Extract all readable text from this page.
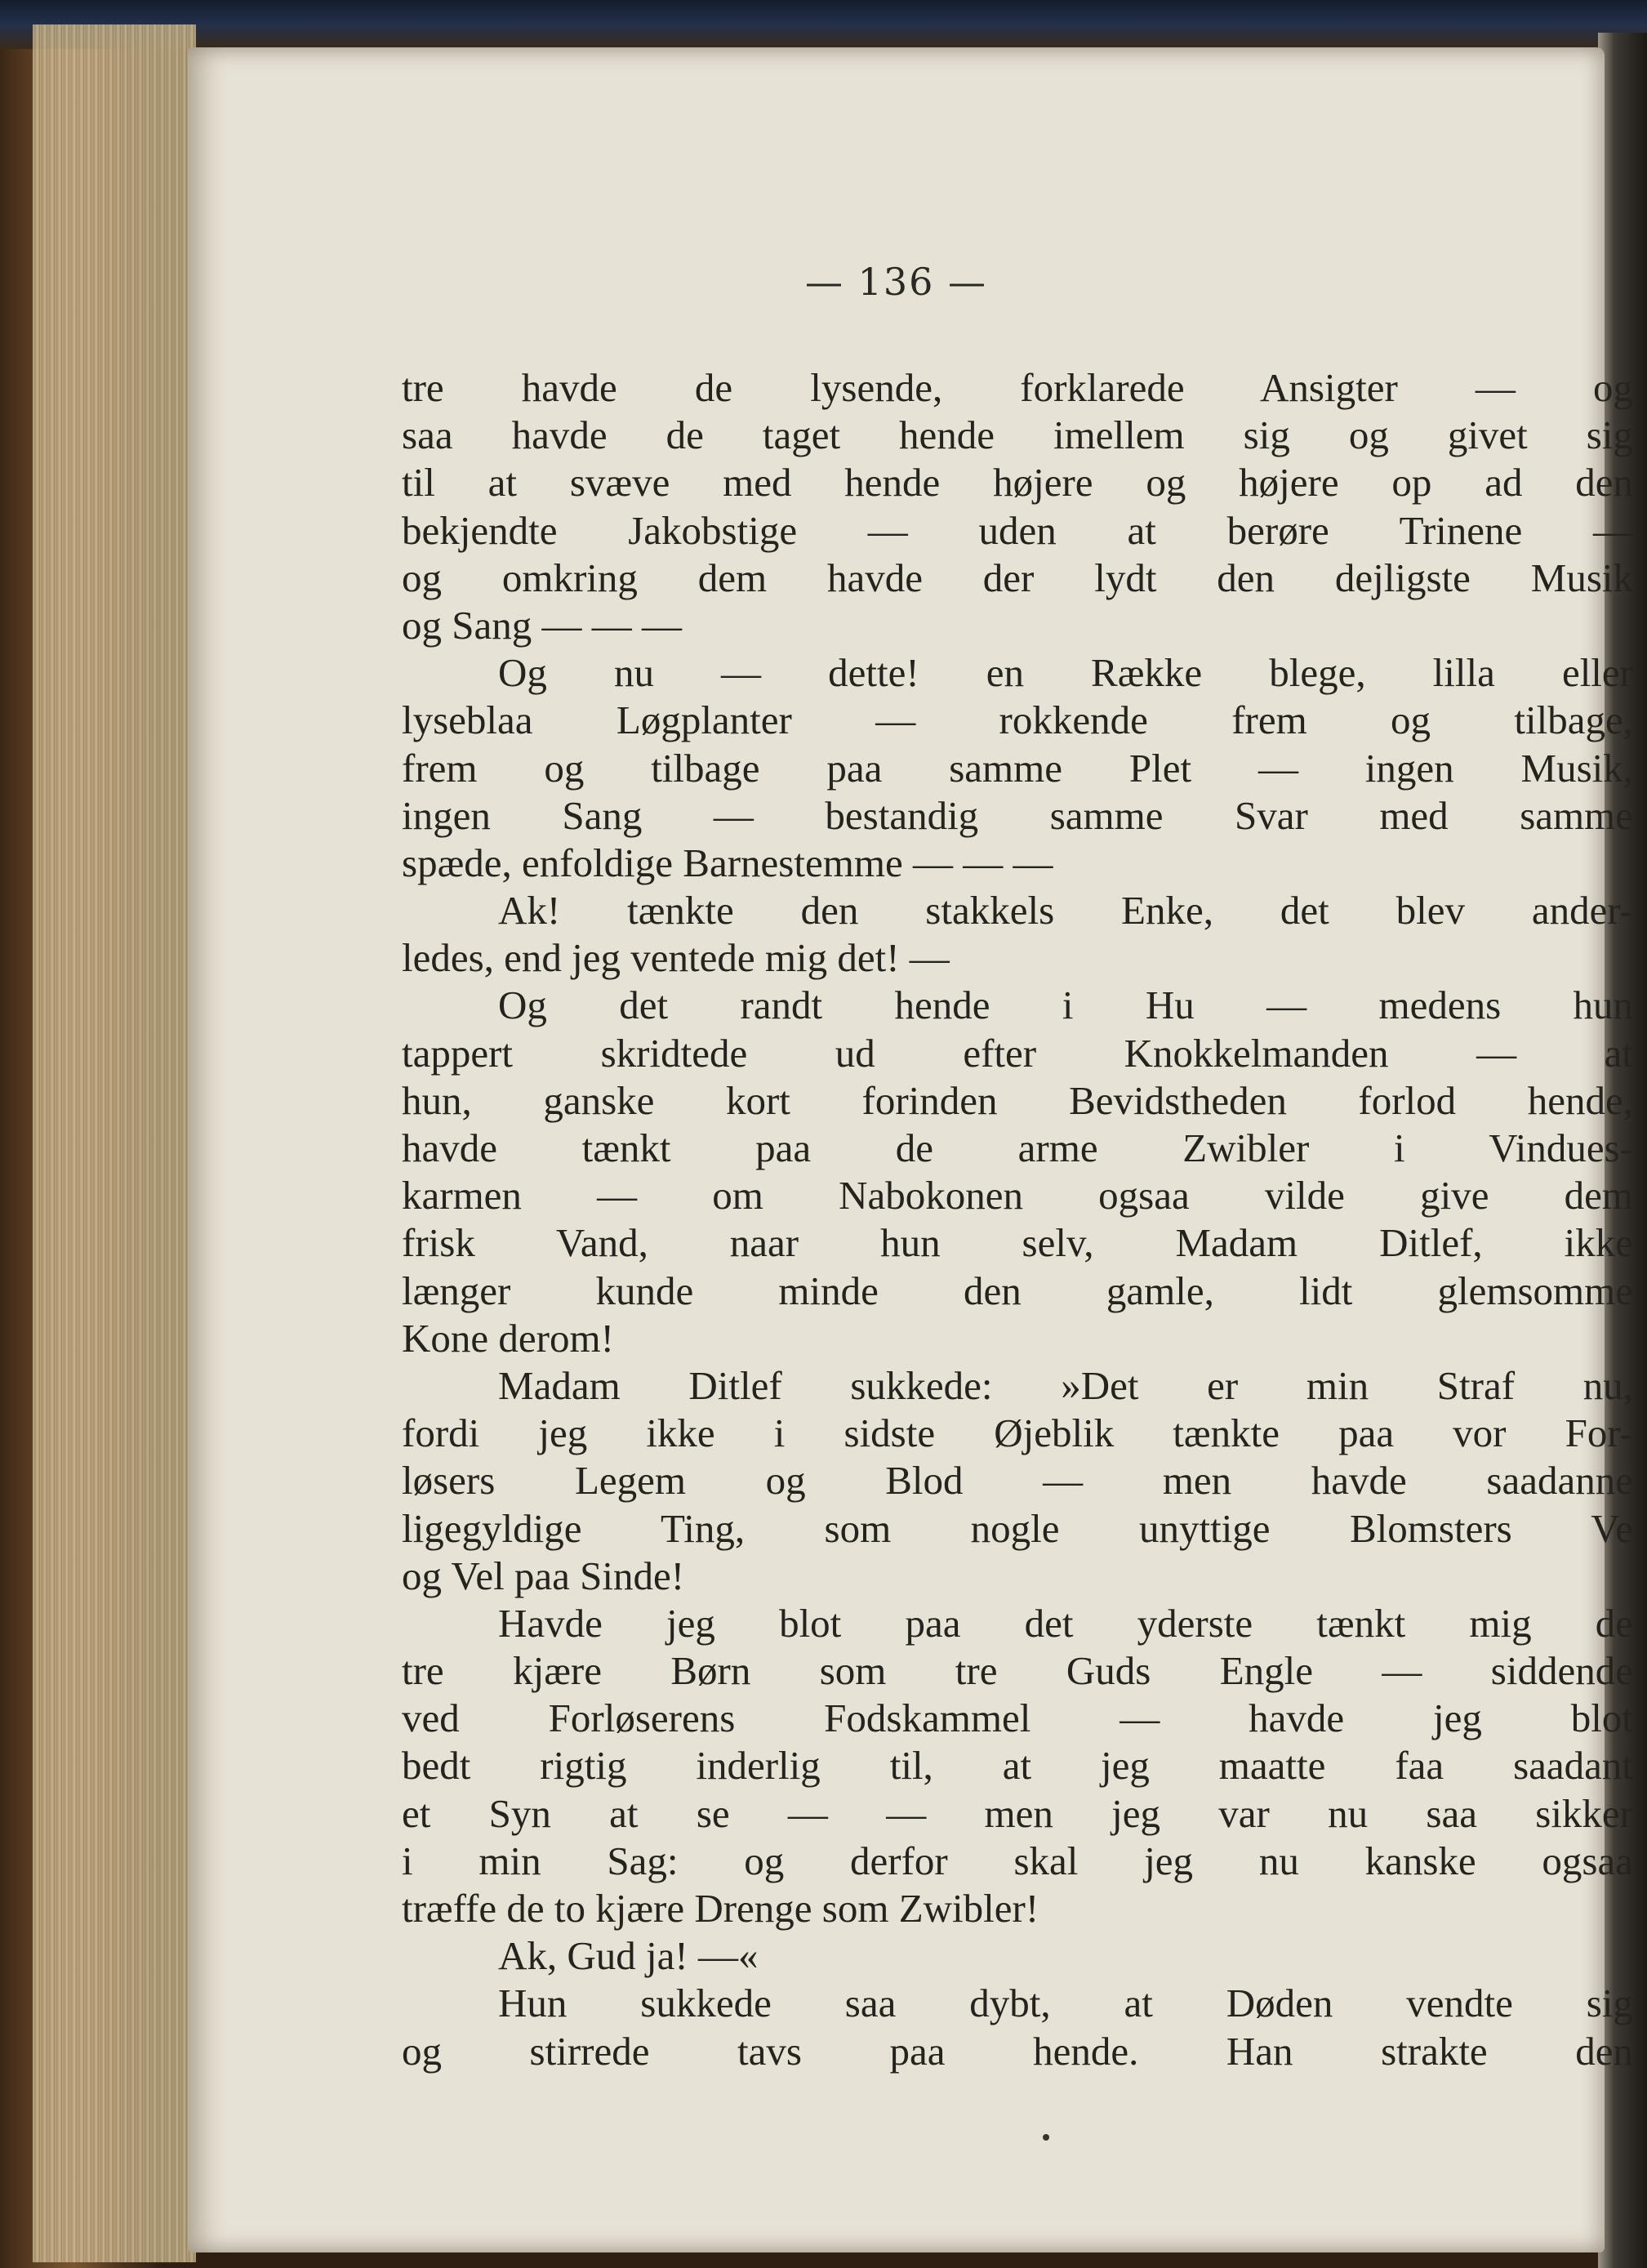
— 136 —
tre havde de lysende, forklarede Ansigter — og
saa havde de taget hende imellem sig og givet sig
til at svæve med hende højere og højere op ad den
bekjendte Jakobstige — uden at berøre Trinene —
og omkring dem havde der lydt den dejligste Musik
og Sang — — —
Og nu — dette! en Række blege, lilla eller
lyseblaa Løgplanter — rokkende frem og tilbage,
frem og tilbage paa samme Plet — ingen Musik,
ingen Sang — bestandig samme Svar med samme
spæde, enfoldige Barnestemme — — —
Ak! tænkte den stakkels Enke, det blev ander-
ledes, end jeg ventede mig det! —
Og det randt hende i Hu — medens hun
tappert skridtede ud efter Knokkelmanden — at
hun, ganske kort forinden Bevidstheden forlod hende,
havde tænkt paa de arme Zwibler i Vindues-
karmen — om Nabokonen ogsaa vilde give dem
frisk Vand, naar hun selv, Madam Ditlef, ikke
længer kunde minde den gamle, lidt glemsomme
Kone derom!
Madam Ditlef sukkede: »Det er min Straf nu,
fordi jeg ikke i sidste Øjeblik tænkte paa vor For-
løsers Legem og Blod — men havde saadanne
ligegyldige Ting, som nogle unyttige Blomsters Ve
og Vel paa Sinde!
Havde jeg blot paa det yderste tænkt mig de
tre kjære Børn som tre Guds Engle — siddende
ved Forløserens Fodskammel — havde jeg blot
bedt rigtig inderlig til, at jeg maatte faa saadant
et Syn at se — — men jeg var nu saa sikker
i min Sag: og derfor skal jeg nu kanske ogsaa
træffe de to kjære Drenge som Zwibler!
Ak, Gud ja! —«
Hun sukkede saa dybt, at Døden vendte sig
og stirrede tavs paa hende. Han strakte den
